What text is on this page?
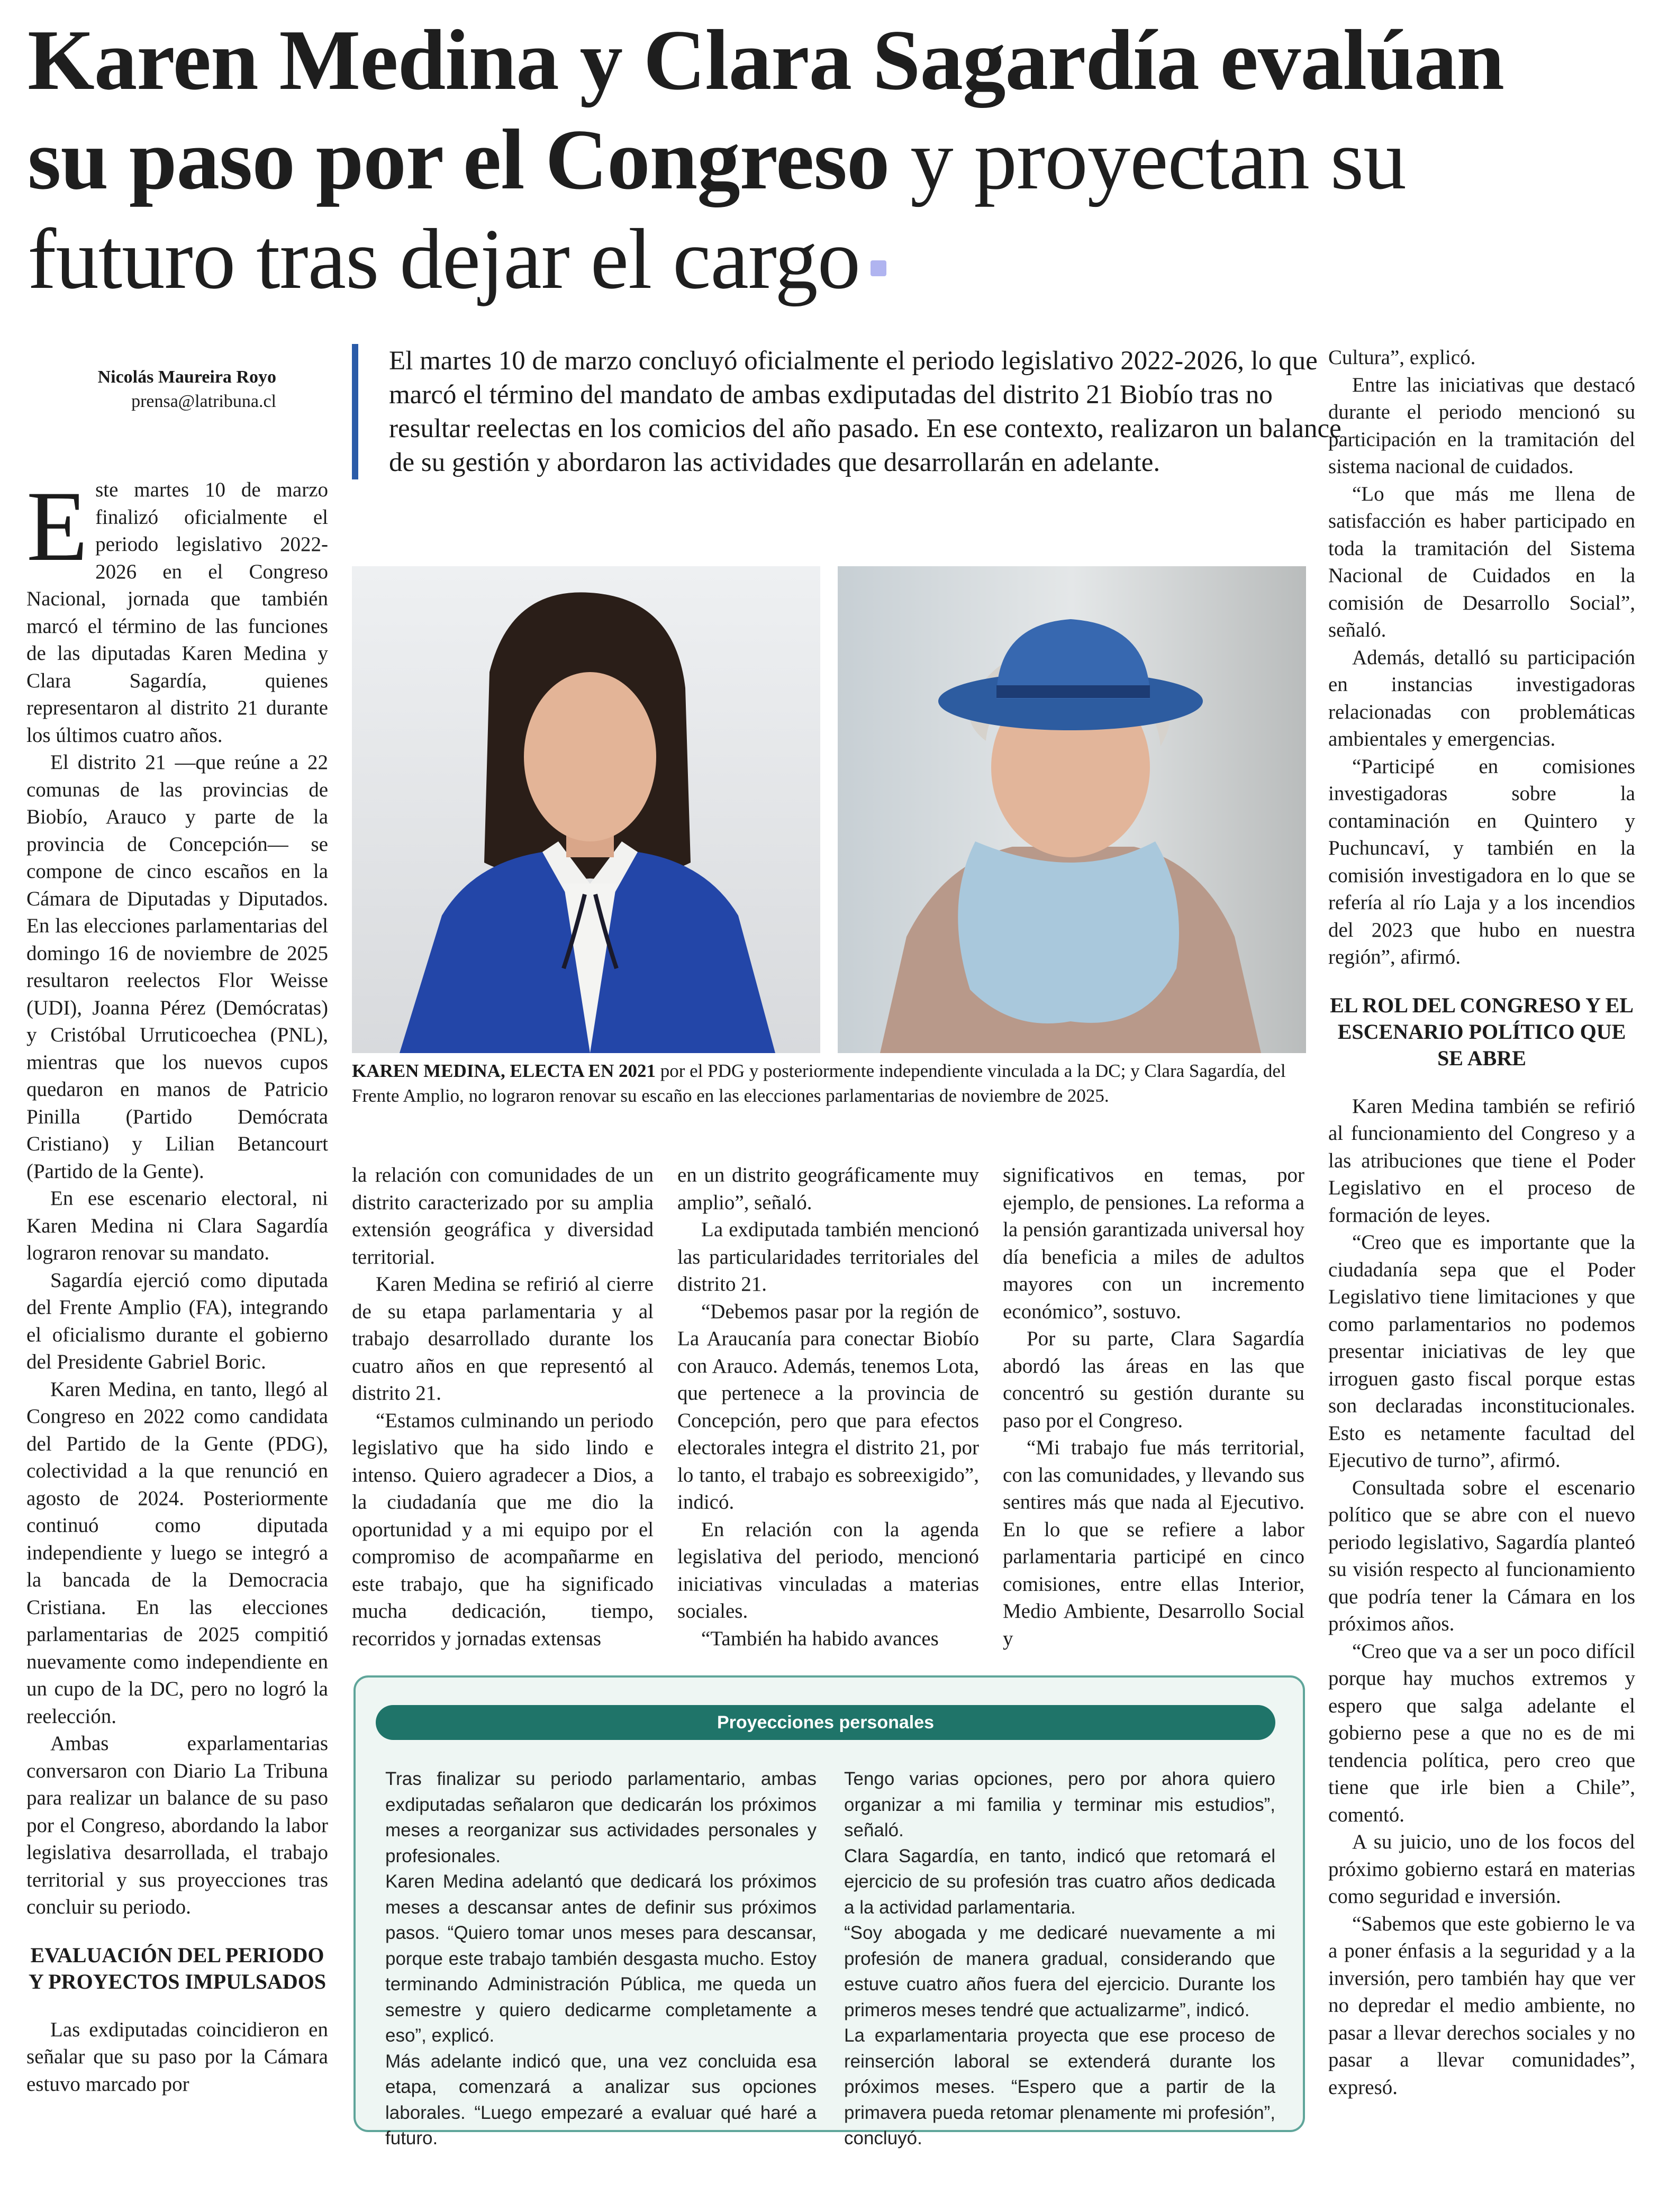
Karen Medina y Clara Sagardía evalúan
su paso por el Congreso y proyectan su
futuro tras dejar el cargo
Nicolás Maureira Royo
prensa@latribuna.cl
El martes 10 de marzo concluyó oficialmente el periodo legislativo 2022-2026, lo que marcó el término del mandato de ambas exdiputadas del distrito 21 Biobío tras no resultar reelectas en los comicios del año pasado. En ese contexto, realizaron un balance de su gestión y abordaron las actividades que desarrollarán en adelante.
KAREN MEDINA, ELECTA EN 2021 por el PDG y posteriormente independiente vinculada a la DC; y Clara Sagardía, del Frente Amplio, no lograron renovar su escaño en las elecciones parlamentarias de noviembre de 2025.

Este martes 10 de marzo finalizó oficialmente el periodo legislativo 2022-2026 en el Congreso Nacional, jornada que también marcó el término de las funciones de las diputadas Karen Medina y Clara Sagardía, quienes representaron al distrito 21 durante los últimos cuatro años.

El distrito 21 —que reúne a 22 comunas de las provincias de Biobío, Arauco y parte de la provincia de Concepción— se compone de cinco escaños en la Cámara de Diputadas y Diputados. En las elecciones parlamentarias del domingo 16 de noviembre de 2025 resultaron reelectos Flor Weisse (UDI), Joanna Pérez (Demócratas) y Cristóbal Urruticoechea (PNL), mientras que los nuevos cupos quedaron en manos de Patricio Pinilla (Partido Demócrata Cristiano) y Lilian Betancourt (Partido de la Gente).

En ese escenario electoral, ni Karen Medina ni Clara Sagardía lograron renovar su mandato.

Sagardía ejerció como diputada del Frente Amplio (FA), integrando el oficialismo durante el gobierno del Presidente Gabriel Boric.

Karen Medina, en tanto, llegó al Congreso en 2022 como candidata del Partido de la Gente (PDG), colectividad a la que renunció en agosto de 2024. Posteriormente continuó como diputada independiente y luego se integró a la bancada de la Democracia Cristiana. En las elecciones parlamentarias de 2025 compitió nuevamente como independiente en un cupo de la DC, pero no logró la reelección.

Ambas exparlamentarias conversaron con Diario La Tribuna para realizar un balance de su paso por el Congreso, abordando la labor legislativa desarrollada, el trabajo territorial y sus proyecciones tras concluir su periodo.

EVALUACIÓN DEL PERIODO Y PROYECTOS IMPULSADOS

Las exdiputadas coincidieron en señalar que su paso por la Cámara estuvo marcado por

la relación con comunidades de un distrito caracterizado por su amplia extensión geográfica y diversidad territorial.

Karen Medina se refirió al cierre de su etapa parlamentaria y al trabajo desarrollado durante los cuatro años en que representó al distrito 21.

“Estamos culminando un periodo legislativo que ha sido lindo e intenso. Quiero agradecer a Dios, a la ciudadanía que me dio la oportunidad y a mi equipo por el compromiso de acompañarme en este trabajo, que ha significado mucha dedicación, tiempo, recorridos y jornadas extensas

en un distrito geográficamente muy amplio”, señaló.

La exdiputada también mencionó las particularidades territoriales del distrito 21.

“Debemos pasar por la región de La Araucanía para conectar Biobío con Arauco. Además, tenemos Lota, que pertenece a la provincia de Concepción, pero que para efectos electorales integra el distrito 21, por lo tanto, el trabajo es sobreexigido”, indicó.

En relación con la agenda legislativa del periodo, mencionó iniciativas vinculadas a materias sociales.

“También ha habido avances

significativos en temas, por ejemplo, de pensiones. La reforma a la pensión garantizada universal hoy día beneficia a miles de adultos mayores con un incremento económico”, sostuvo.

Por su parte, Clara Sagardía abordó las áreas en las que concentró su gestión durante su paso por el Congreso.

“Mi trabajo fue más territorial, con las comunidades, y llevando sus sentires más que nada al Ejecutivo. En lo que se refiere a labor parlamentaria participé en cinco comisiones, entre ellas Interior, Medio Ambiente, Desarrollo Social y

Cultura”, explicó.

Entre las iniciativas que destacó durante el periodo mencionó su participación en la tramitación del sistema nacional de cuidados.

“Lo que más me llena de satisfacción es haber participado en toda la tramitación del Sistema Nacional de Cuidados en la comisión de Desarrollo Social”, señaló.

Además, detalló su participación en instancias investigadoras relacionadas con problemáticas ambientales y emergencias.

“Participé en comisiones investigadoras sobre la contaminación en Quintero y Puchuncaví, y también en la comisión investigadora en lo que se refería al río Laja y a los incendios del 2023 que hubo en nuestra región”, afirmó.

EL ROL DEL CONGRESO Y EL ESCENARIO POLÍTICO QUE SE ABRE

Karen Medina también se refirió al funcionamiento del Congreso y a las atribuciones que tiene el Poder Legislativo en el proceso de formación de leyes.

“Creo que es importante que la ciudadanía sepa que el Poder Legislativo tiene limitaciones y que como parlamentarios no podemos presentar iniciativas de ley que irroguen gasto fiscal porque estas son declaradas inconstitucionales. Esto es netamente facultad del Ejecutivo de turno”, afirmó.

Consultada sobre el escenario político que se abre con el nuevo periodo legislativo, Sagardía planteó su visión respecto al funcionamiento que podría tener la Cámara en los próximos años.

“Creo que va a ser un poco difícil porque hay muchos extremos y espero que salga adelante el gobierno pese a que no es de mi tendencia política, pero creo que tiene que irle bien a Chile”, comentó.

A su juicio, uno de los focos del próximo gobierno estará en materias como seguridad e inversión.

“Sabemos que este gobierno le va a poner énfasis a la seguridad y a la inversión, pero también hay que ver no depredar el medio ambiente, no pasar a llevar derechos sociales y no pasar a llevar comunidades”, expresó.

Proyecciones personales

Tras finalizar su periodo parlamentario, ambas exdiputadas señalaron que dedicarán los próximos meses a reorganizar sus actividades personales y profesionales.

Karen Medina adelantó que dedicará los próximos meses a descansar antes de definir sus próximos pasos. “Quiero tomar unos meses para descansar, porque este trabajo también desgasta mucho. Estoy terminando Administración Pública, me queda un semestre y quiero dedicarme completamente a eso”, explicó.

Más adelante indicó que, una vez concluida esa etapa, comenzará a analizar sus opciones laborales. “Luego empezaré a evaluar qué haré a futuro.

Tengo varias opciones, pero por ahora quiero organizar a mi familia y terminar mis estudios”, señaló.

Clara Sagardía, en tanto, indicó que retomará el ejercicio de su profesión tras cuatro años dedicada a la actividad parlamentaria.

“Soy abogada y me dedicaré nuevamente a mi profesión de manera gradual, considerando que estuve cuatro años fuera del ejercicio. Durante los primeros meses tendré que actualizarme”, indicó.

La exparlamentaria proyecta que ese proceso de reinserción laboral se extenderá durante los próximos meses. “Espero que a partir de la primavera pueda retomar plenamente mi profesión”, concluyó.
